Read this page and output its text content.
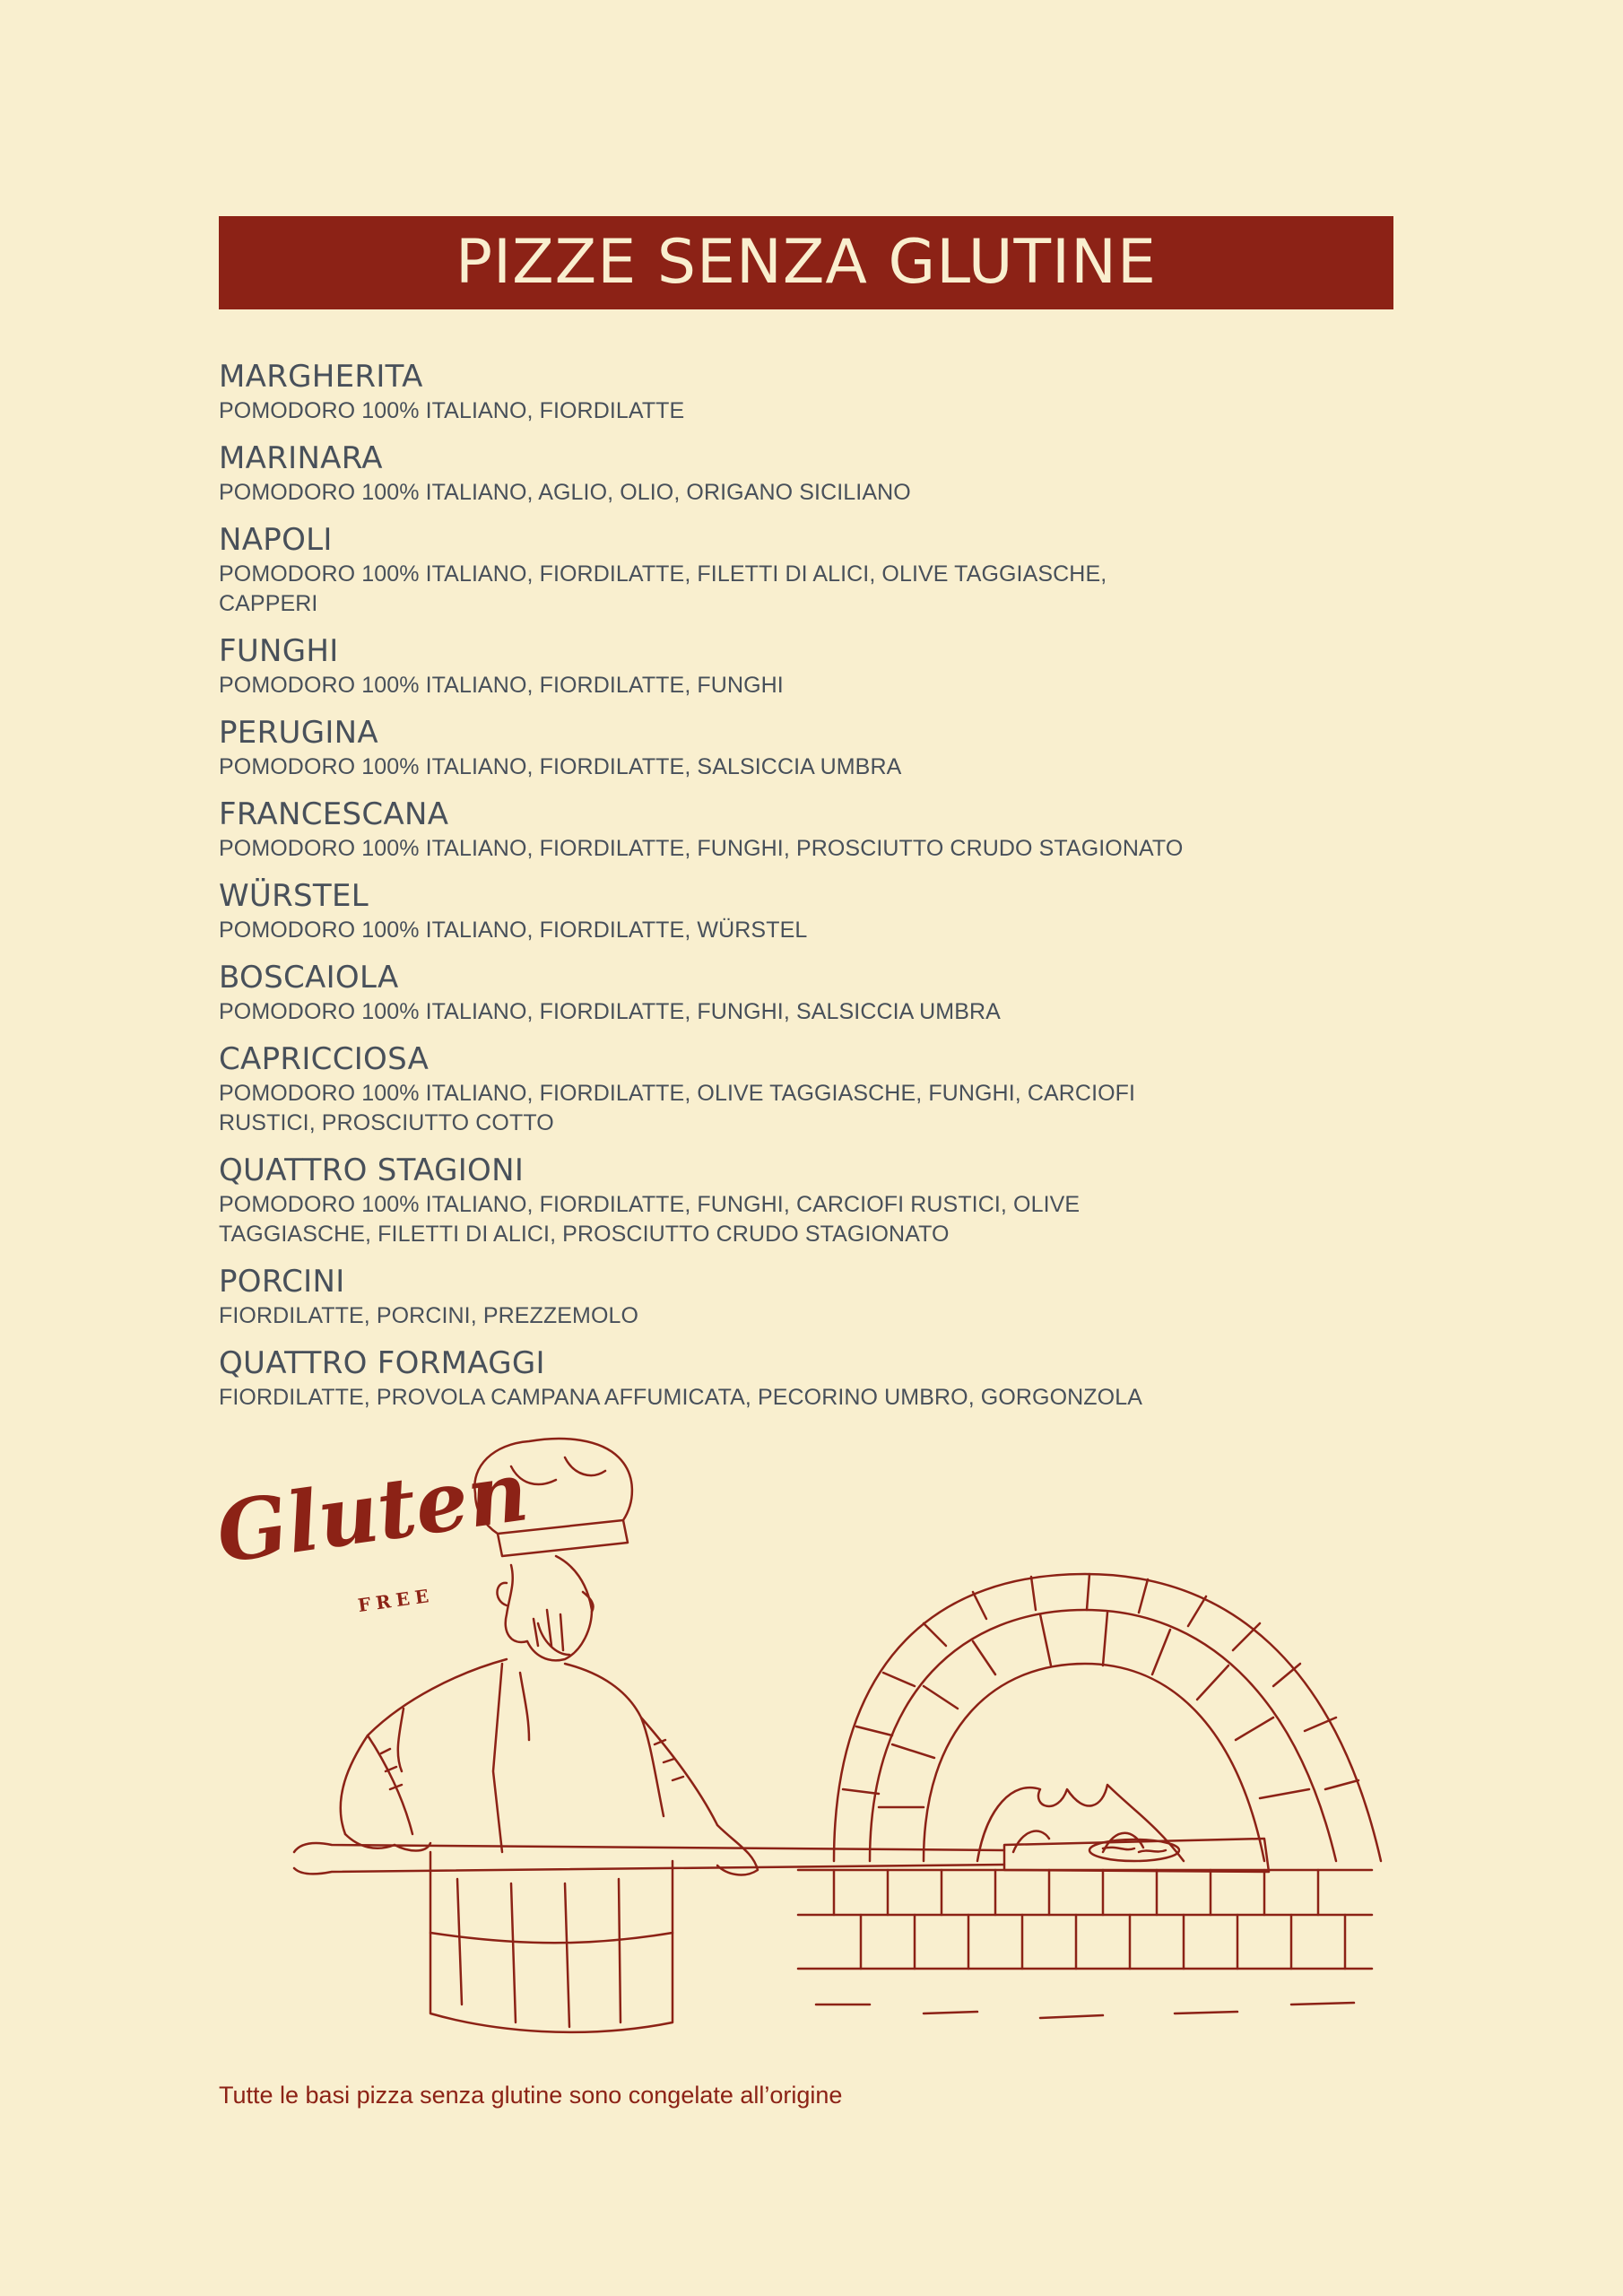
PIZZE SENZA GLUTINE
MARGHERITA
POMODORO 100% ITALIANO, FIORDILATTE
MARINARA
POMODORO 100% ITALIANO, AGLIO, OLIO, ORIGANO SICILIANO
NAPOLI
POMODORO 100% ITALIANO, FIORDILATTE, FILETTI DI ALICI, OLIVE TAGGIASCHE, CAPPERI
FUNGHI
POMODORO 100% ITALIANO, FIORDILATTE, FUNGHI
PERUGINA
POMODORO 100% ITALIANO, FIORDILATTE, SALSICCIA UMBRA
FRANCESCANA
POMODORO 100% ITALIANO, FIORDILATTE, FUNGHI, PROSCIUTTO CRUDO STAGIONATO
WÜRSTEL
POMODORO 100% ITALIANO, FIORDILATTE, WÜRSTEL
BOSCAIOLA
POMODORO 100% ITALIANO, FIORDILATTE, FUNGHI, SALSICCIA UMBRA
CAPRICCIOSA
POMODORO 100% ITALIANO, FIORDILATTE, OLIVE TAGGIASCHE, FUNGHI, CARCIOFI RUSTICI, PROSCIUTTO COTTO
QUATTRO STAGIONI
POMODORO 100% ITALIANO, FIORDILATTE, FUNGHI, CARCIOFI RUSTICI, OLIVE TAGGIASCHE, FILETTI DI ALICI, PROSCIUTTO CRUDO STAGIONATO
PORCINI
FIORDILATTE, PORCINI, PREZZEMOLO
QUATTRO FORMAGGI
FIORDILATTE, PROVOLA CAMPANA AFFUMICATA, PECORINO UMBRO, GORGONZOLA
Gluten
FREE
Tutte le basi pizza senza glutine sono congelate all’origine
